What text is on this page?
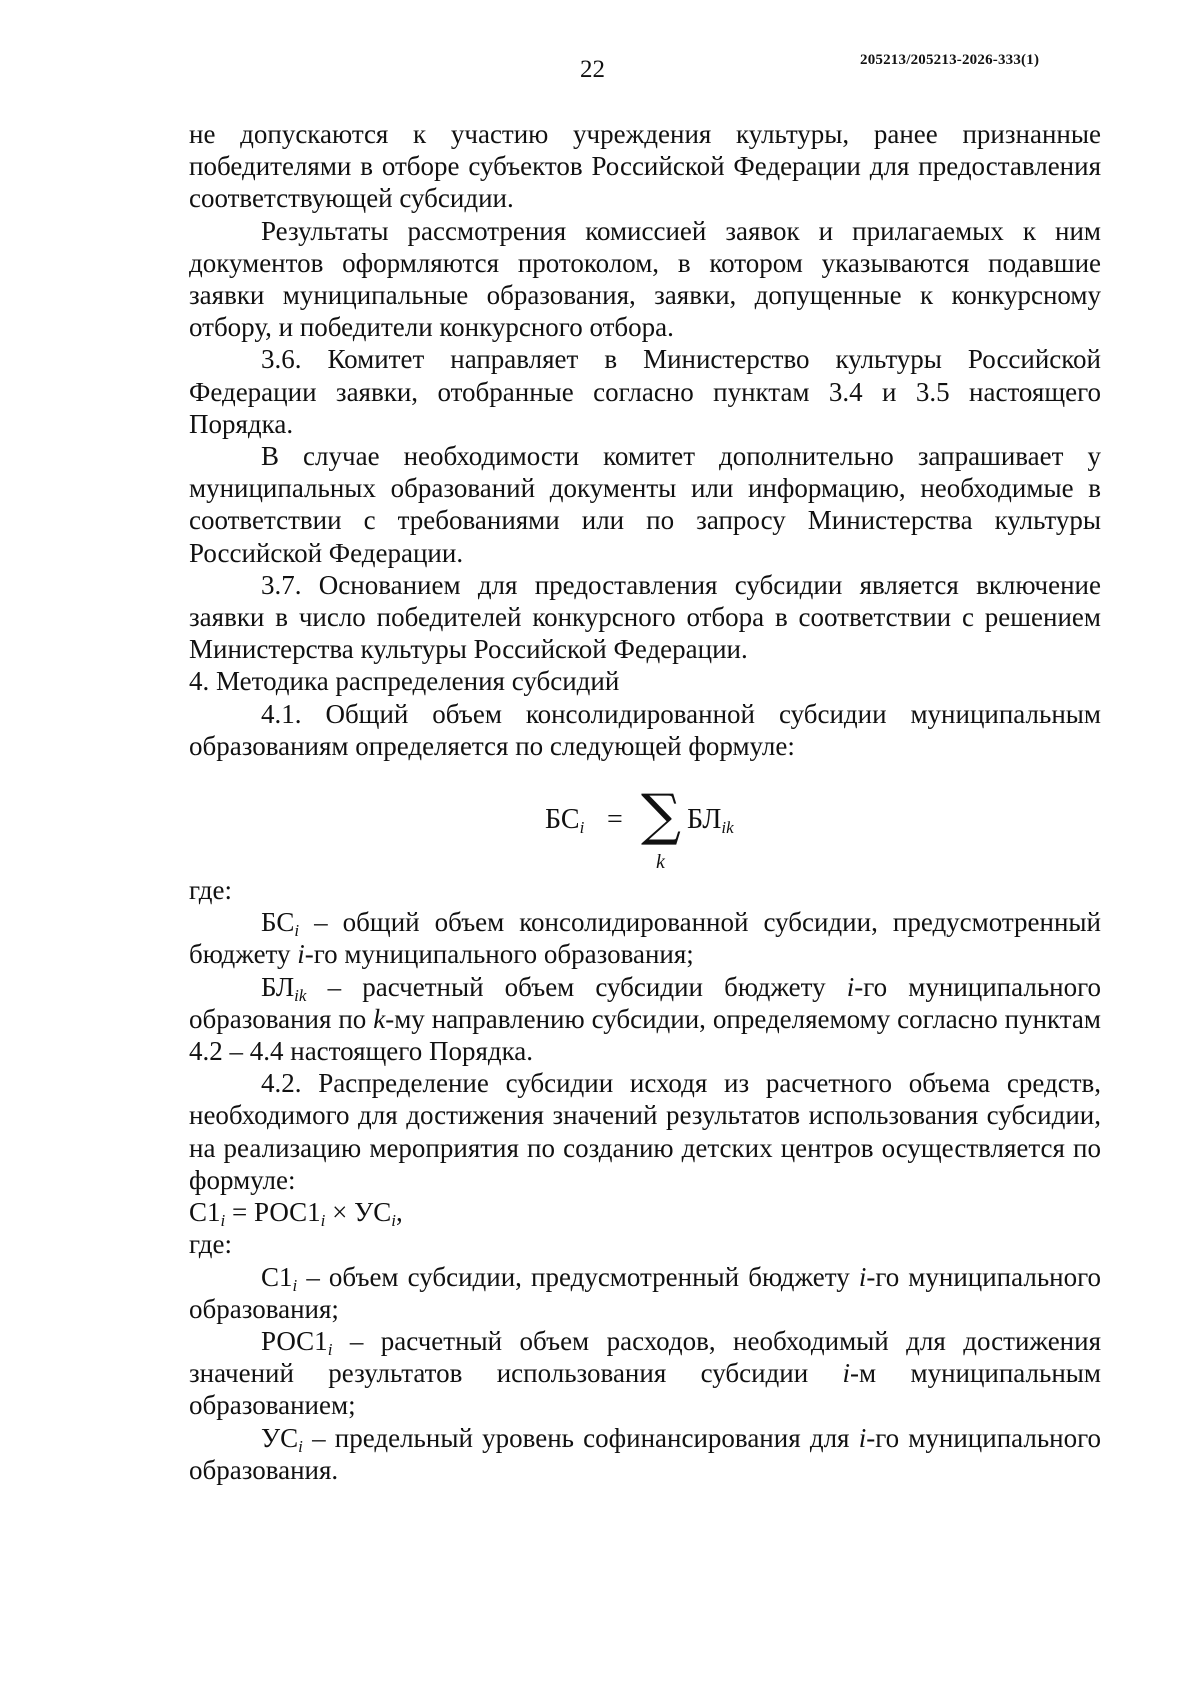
22	205213/205213-2026-333(1)

не допускаются к участию учреждения культуры, ранее признанные победителями в отборе субъектов Российской Федерации для предоставления соответствующей субсидии.

Результаты рассмотрения комиссией заявок и прилагаемых к ним документов оформляются протоколом, в котором указываются подавшие заявки муниципальные образования, заявки, допущенные к конкурсному отбору, и победители конкурсного отбора.

3.6. Комитет направляет в Министерство культуры Российской Федерации заявки, отобранные согласно пунктам 3.4 и 3.5 настоящего Порядка.

В случае необходимости комитет дополнительно запрашивает у муниципальных образований документы или информацию, необходимые в соответствии с требованиями или по запросу Министерства культуры Российской Федерации.

3.7. Основанием для предоставления субсидии является включение заявки в число победителей конкурсного отбора в соответствии с решением Министерства культуры Российской Федерации.

4. Методика распределения субсидий

4.1. Общий объем консолидированной субсидии муниципальным образованиям определяется по следующей формуле:

$БС_i$ = ∑
k
$БЛ_{ik}$

где:

$БС_i$ – общий объем консолидированной субсидии, предусмотренный бюджету i-го муниципального образования;

$БЛ_{ik}$ – расчетный объем субсидии бюджету i-го муниципального образования по k-му направлению субсидии, определяемому согласно пунктам 4.2 – 4.4 настоящего Порядка.

4.2. Распределение субсидии исходя из расчетного объема средств, необходимого для достижения значений результатов использования субсидии, на реализацию мероприятия по созданию детских центров осуществляется по формуле:

$С1_i = РОС1_i \times УС_i$,

где:

$С1_i$ – объем субсидии, предусмотренный бюджету i-го муниципального образования;

$РОС1_i$ – расчетный объем расходов, необходимый для достижения значений результатов использования субсидии i-м муниципальным образованием;

$УС_i$ – предельный уровень софинансирования для i-го муниципального образования.
